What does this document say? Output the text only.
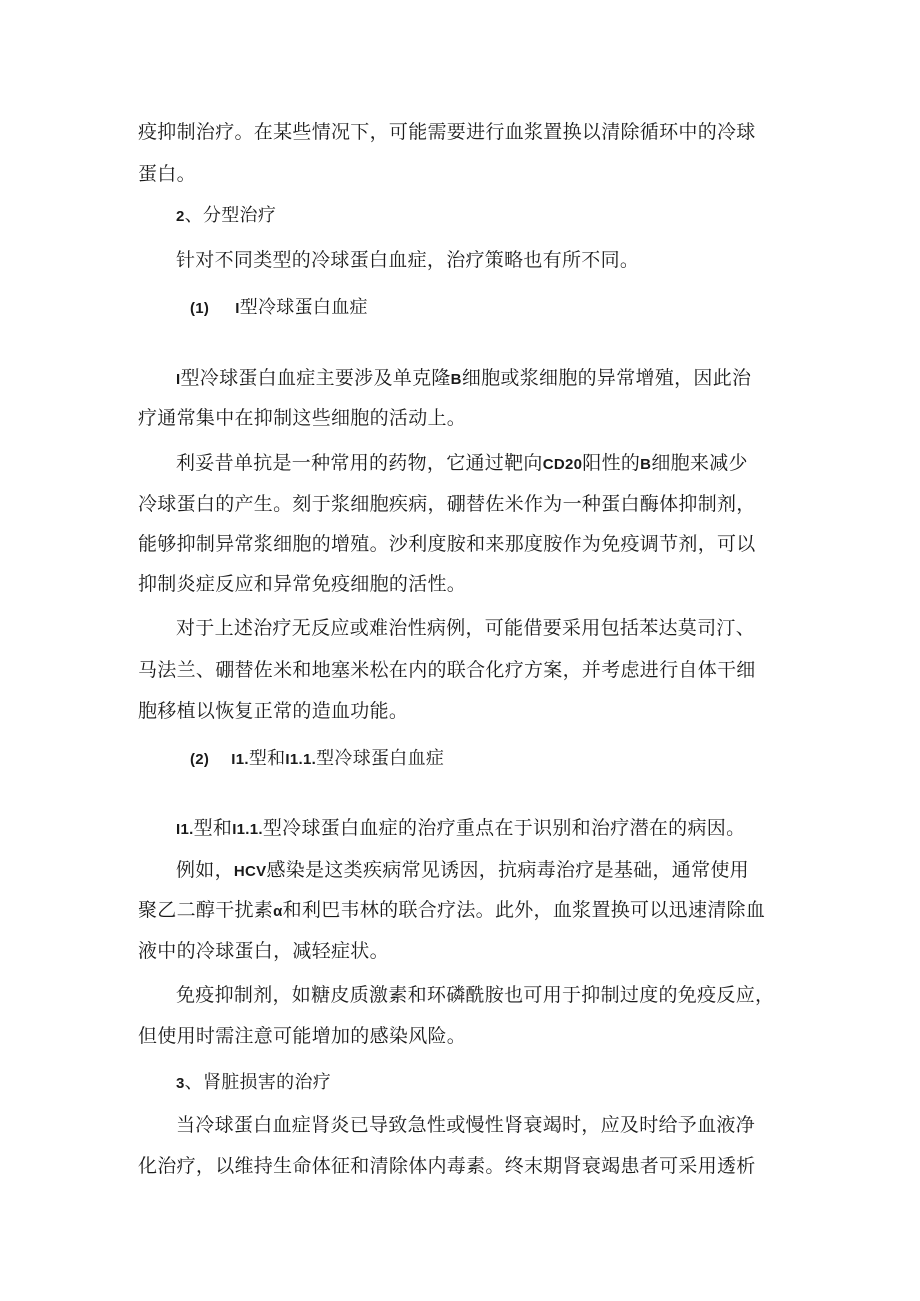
疫抑制治疗。在某些情况下，可能需要进行血浆置换以清除循环中的冷球
蛋白。
2、分型治疗
针对不同类型的冷球蛋白血症，治疗策略也有所不同。
(1) I型冷球蛋白血症
I型冷球蛋白血症主要涉及单克隆B细胞或浆细胞的异常增殖，因此治
疗通常集中在抑制这些细胞的活动上。
利妥昔单抗是一种常用的药物，它通过靶向CD20阳性的B细胞来减少
冷球蛋白的产生。刻于浆细胞疾病，硼替佐米作为一种蛋白酶体抑制剂，
能够抑制异常浆细胞的增殖。沙利度胺和来那度胺作为免疫调节剂，可以
抑制炎症反应和异常免疫细胞的活性。
对于上述治疗无反应或难治性病例，可能借要采用包括苯达莫司汀、
马法兰、硼替佐米和地塞米松在内的联合化疗方案，并考虑进行自体干细
胞移植以恢复正常的造血功能。
(2) I1.型和I1.1.型冷球蛋白血症
I1.型和I1.1.型冷球蛋白血症的治疗重点在于识别和治疗潜在的病因。
例如，HCV感染是这类疾病常见诱因，抗病毒治疗是基础，通常使用
聚乙二醇干扰素α和利巴韦林的联合疗法。此外，血浆置换可以迅速清除血
液中的冷球蛋白，减轻症状。
免疫抑制剂，如糖皮质激素和环磷酰胺也可用于抑制过度的免疫反应，
但使用时需注意可能增加的感染风险。
3、肾脏损害的治疗
当冷球蛋白血症肾炎已导致急性或慢性肾衰竭时，应及时给予血液净
化治疗，以维持生命体征和清除体内毒素。终末期肾衰竭患者可采用透析
